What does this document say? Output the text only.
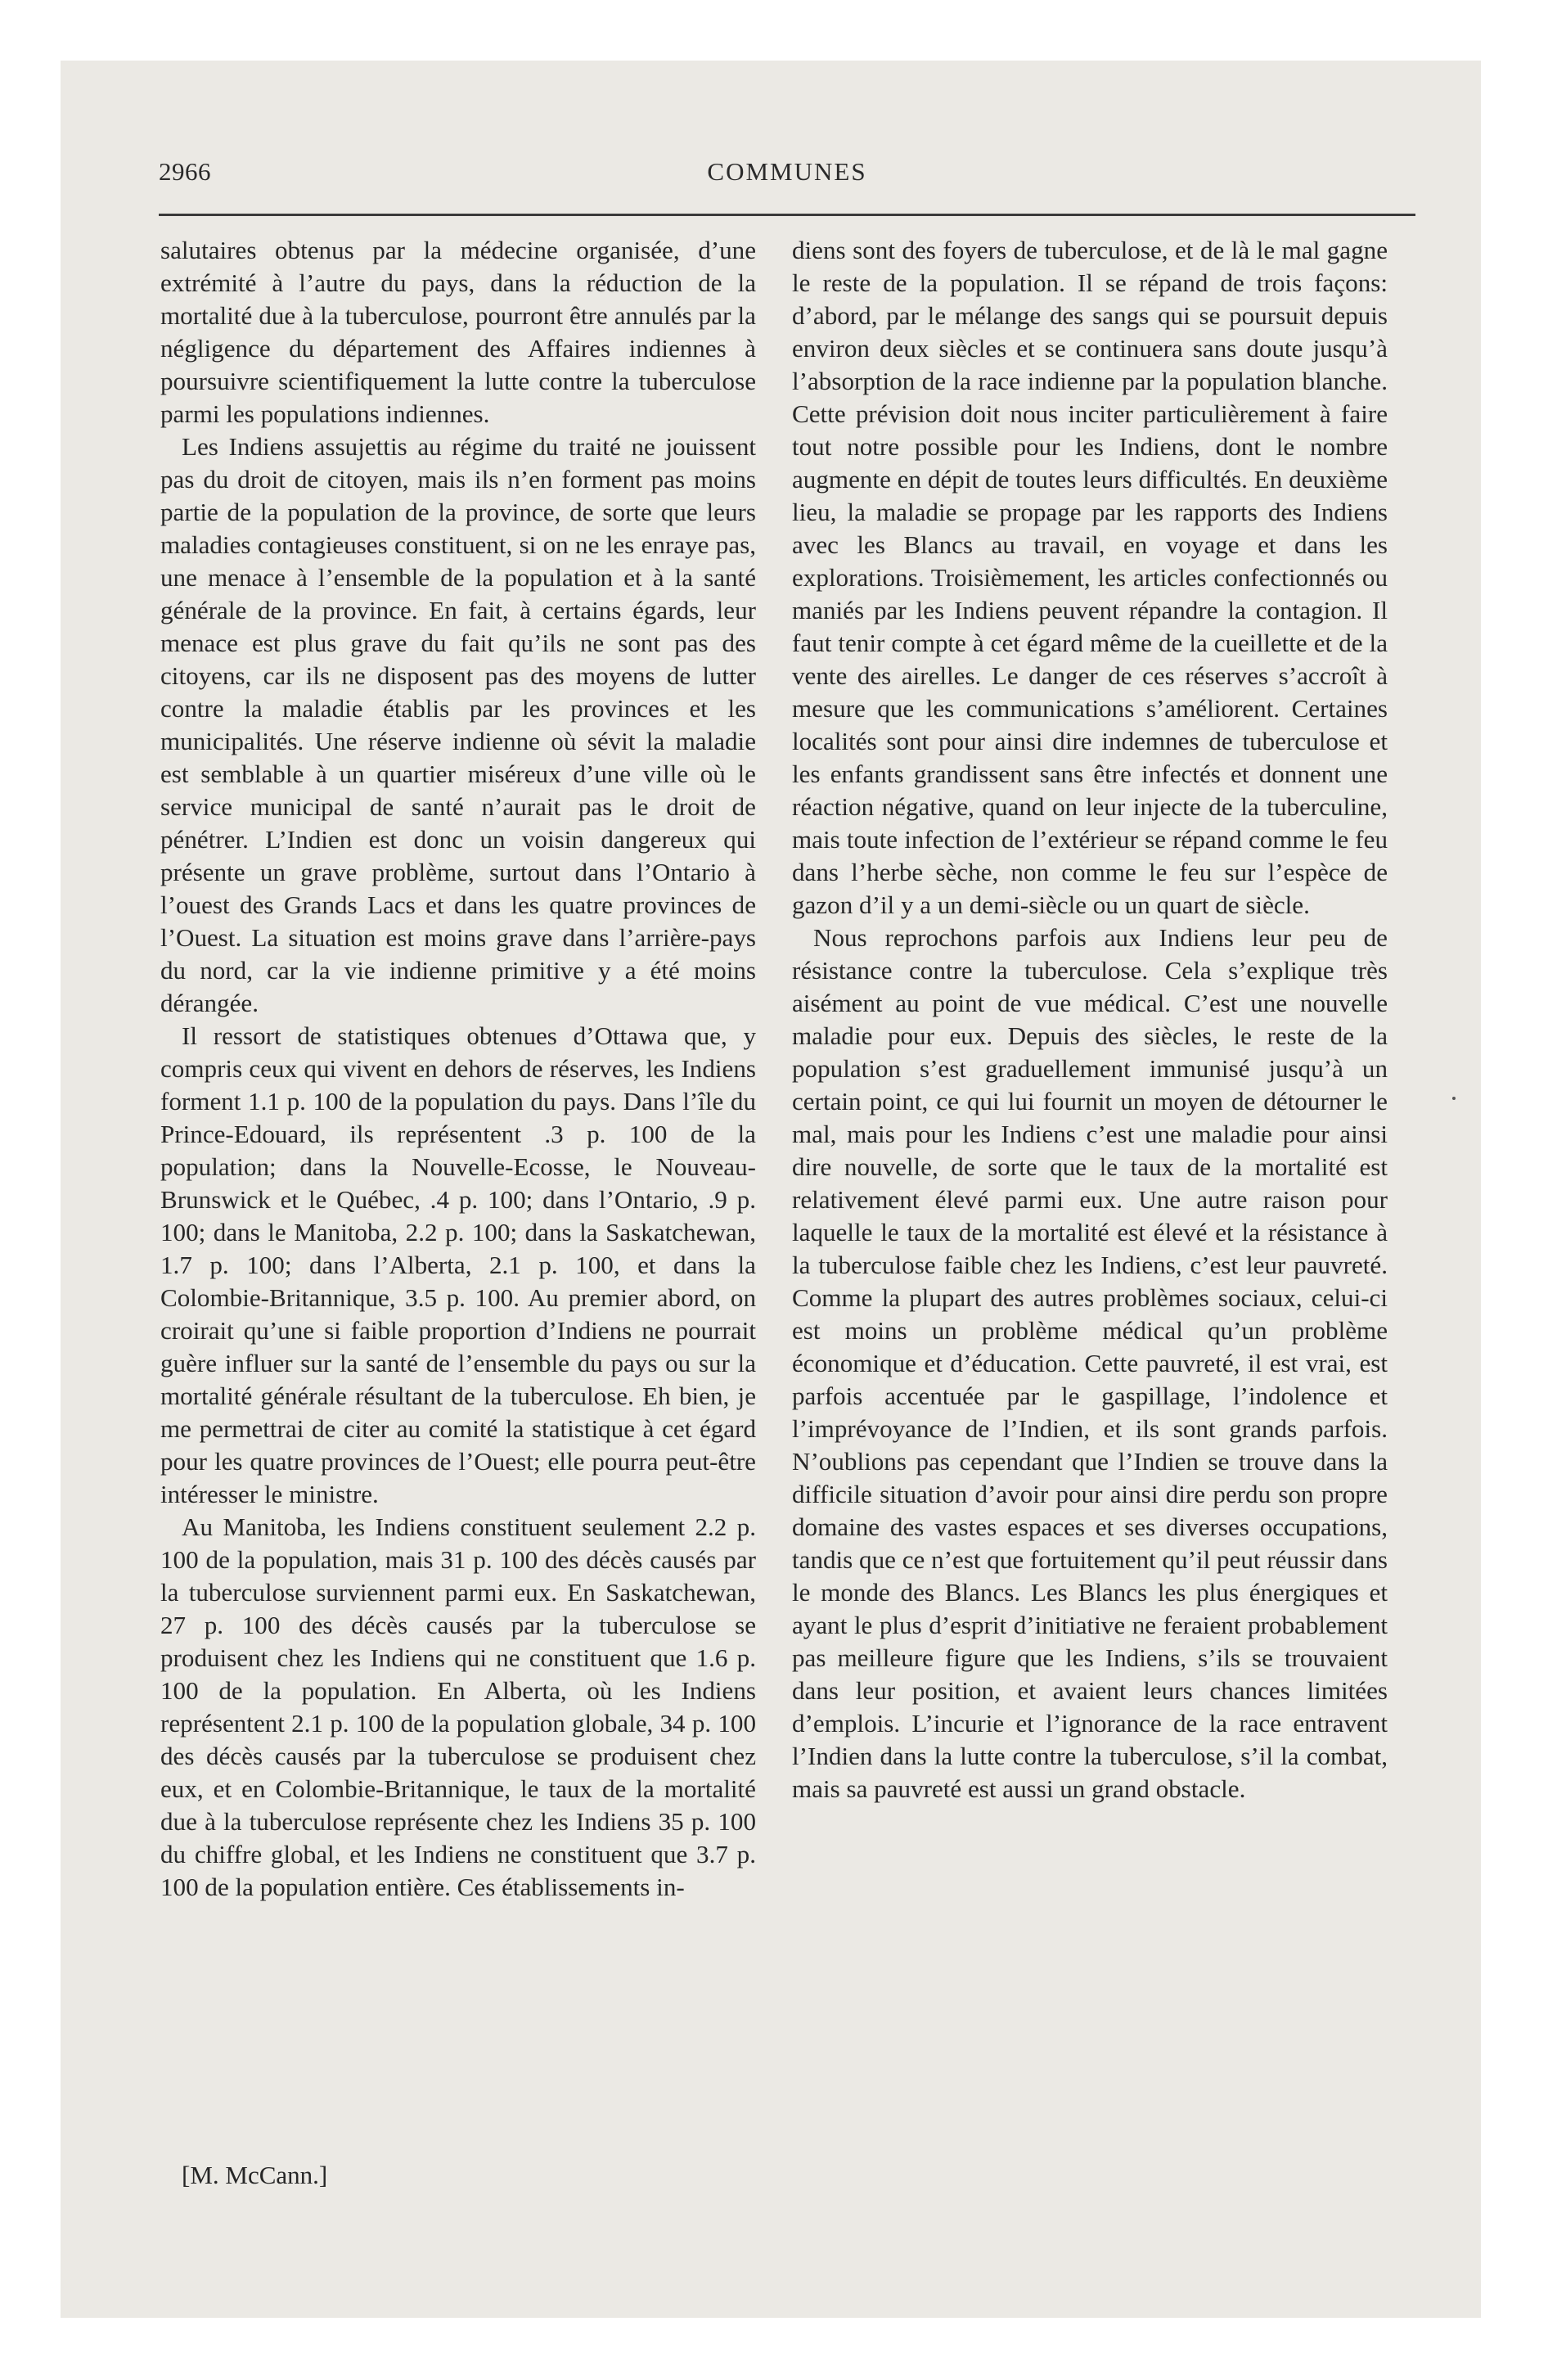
2966	COMMUNES

salutaires obtenus par la médecine organisée, d’une extrémité à l’autre du pays, dans la réduction de la mortalité due à la tuberculose, pourront être annulés par la négligence du département des Affaires indiennes à poursuivre scientifiquement la lutte contre la tuberculose parmi les populations indiennes.

Les Indiens assujettis au régime du traité ne jouissent pas du droit de citoyen, mais ils n’en forment pas moins partie de la population de la province, de sorte que leurs maladies contagieuses constituent, si on ne les enraye pas, une menace à l’ensemble de la population et à la santé générale de la province. En fait, à certains égards, leur menace est plus grave du fait qu’ils ne sont pas des citoyens, car ils ne disposent pas des moyens de lutter contre la maladie établis par les provinces et les municipalités. Une réserve indienne où sévit la maladie est semblable à un quartier miséreux d’une ville où le service municipal de santé n’aurait pas le droit de pénétrer. L’Indien est donc un voisin dangereux qui présente un grave problème, surtout dans l’Ontario à l’ouest des Grands Lacs et dans les quatre provinces de l’Ouest. La situation est moins grave dans l’arrière-pays du nord, car la vie indienne primitive y a été moins dérangée.

Il ressort de statistiques obtenues d’Ottawa que, y compris ceux qui vivent en dehors de réserves, les Indiens forment 1.1 p. 100 de la population du pays. Dans l’île du Prince-Edouard, ils représentent .3 p. 100 de la population; dans la Nouvelle-Ecosse, le Nouveau-Brunswick et le Québec, .4 p. 100; dans l’Ontario, .9 p. 100; dans le Manitoba, 2.2 p. 100; dans la Saskatchewan, 1.7 p. 100; dans l’Alberta, 2.1 p. 100, et dans la Colombie-Britannique, 3.5 p. 100. Au premier abord, on croirait qu’une si faible proportion d’Indiens ne pourrait guère influer sur la santé de l’ensemble du pays ou sur la mortalité générale résultant de la tuberculose. Eh bien, je me permettrai de citer au comité la statistique à cet égard pour les quatre provinces de l’Ouest; elle pourra peut-être intéresser le ministre.

Au Manitoba, les Indiens constituent seulement 2.2 p. 100 de la population, mais 31 p. 100 des décès causés par la tuberculose surviennent parmi eux. En Saskatchewan, 27 p. 100 des décès causés par la tuberculose se produisent chez les Indiens qui ne constituent que 1.6 p. 100 de la population. En Alberta, où les Indiens représentent 2.1 p. 100 de la population globale, 34 p. 100 des décès causés par la tuberculose se produisent chez eux, et en Colombie-Britannique, le taux de la mortalité due à la tuberculose représente chez les Indiens 35 p. 100 du chiffre global, et les Indiens ne constituent que 3.7 p. 100 de la population entière. Ces établissements in-

diens sont des foyers de tuberculose, et de là le mal gagne le reste de la population. Il se répand de trois façons: d’abord, par le mélange des sangs qui se poursuit depuis environ deux siècles et se continuera sans doute jusqu’à l’absorption de la race indienne par la population blanche. Cette prévision doit nous inciter particulièrement à faire tout notre possible pour les Indiens, dont le nombre augmente en dépit de toutes leurs difficultés. En deuxième lieu, la maladie se propage par les rapports des Indiens avec les Blancs au travail, en voyage et dans les explorations. Troisièmement, les articles confectionnés ou maniés par les Indiens peuvent répandre la contagion. Il faut tenir compte à cet égard même de la cueillette et de la vente des airelles. Le danger de ces réserves s’accroît à mesure que les communications s’améliorent. Certaines localités sont pour ainsi dire indemnes de tuberculose et les enfants grandissent sans être infectés et donnent une réaction négative, quand on leur injecte de la tuberculine, mais toute infection de l’extérieur se répand comme le feu dans l’herbe sèche, non comme le feu sur l’espèce de gazon d’il y a un demi-siècle ou un quart de siècle.

Nous reprochons parfois aux Indiens leur peu de résistance contre la tuberculose. Cela s’explique très aisément au point de vue médical. C’est une nouvelle maladie pour eux. Depuis des siècles, le reste de la population s’est graduellement immunisé jusqu’à un certain point, ce qui lui fournit un moyen de détourner le mal, mais pour les Indiens c’est une maladie pour ainsi dire nouvelle, de sorte que le taux de la mortalité est relativement élevé parmi eux. Une autre raison pour laquelle le taux de la mortalité est élevé et la résistance à la tuberculose faible chez les Indiens, c’est leur pauvreté. Comme la plupart des autres problèmes sociaux, celui-ci est moins un problème médical qu’un problème économique et d’éducation. Cette pauvreté, il est vrai, est parfois accentuée par le gaspillage, l’indolence et l’imprévoyance de l’Indien, et ils sont grands parfois. N’oublions pas cependant que l’Indien se trouve dans la difficile situation d’avoir pour ainsi dire perdu son propre domaine des vastes espaces et ses diverses occupations, tandis que ce n’est que fortuitement qu’il peut réussir dans le monde des Blancs. Les Blancs les plus énergiques et ayant le plus d’esprit d’initiative ne feraient probablement pas meilleure figure que les Indiens, s’ils se trouvaient dans leur position, et avaient leurs chances limitées d’emplois. L’incurie et l’ignorance de la race entravent l’Indien dans la lutte contre la tuberculose, s’il la combat, mais sa pauvreté est aussi un grand obstacle.

[M. McCann.]
